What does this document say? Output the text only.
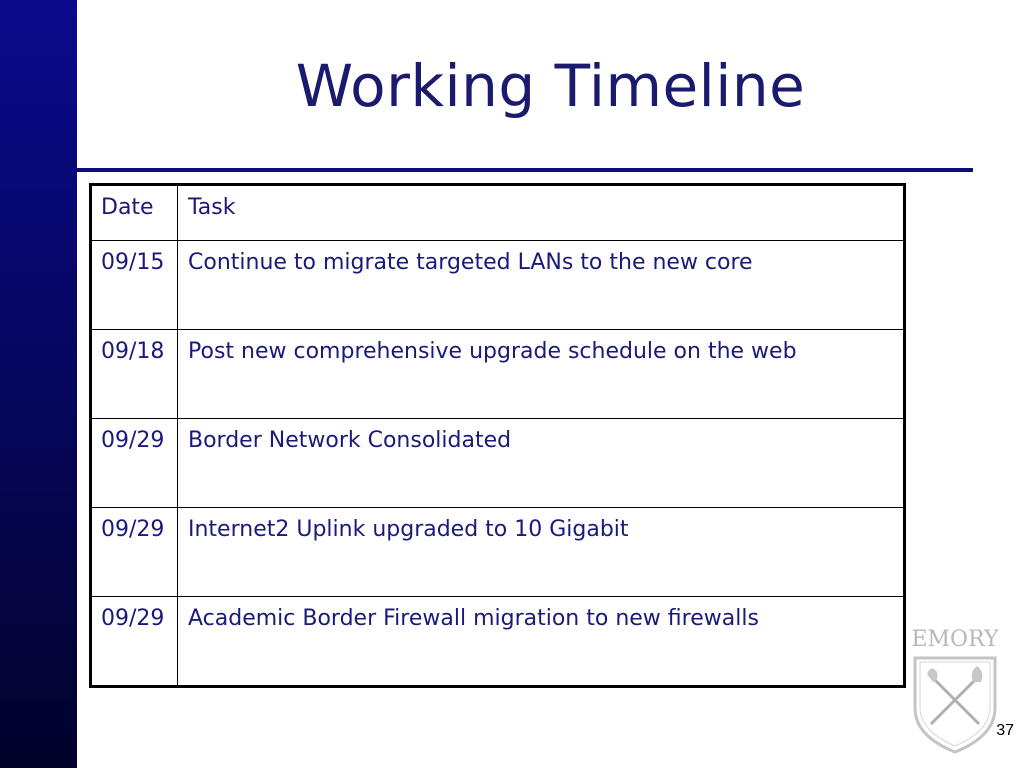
Working Timeline
Date	Task
09/15	Continue to migrate targeted LANs to the new core
09/18	Post new comprehensive upgrade schedule on the web
09/29	Border Network Consolidated
09/29	Internet2 Uplink upgraded to 10 Gigabit
09/29	Academic Border Firewall migration to new firewalls
EMORY
37
